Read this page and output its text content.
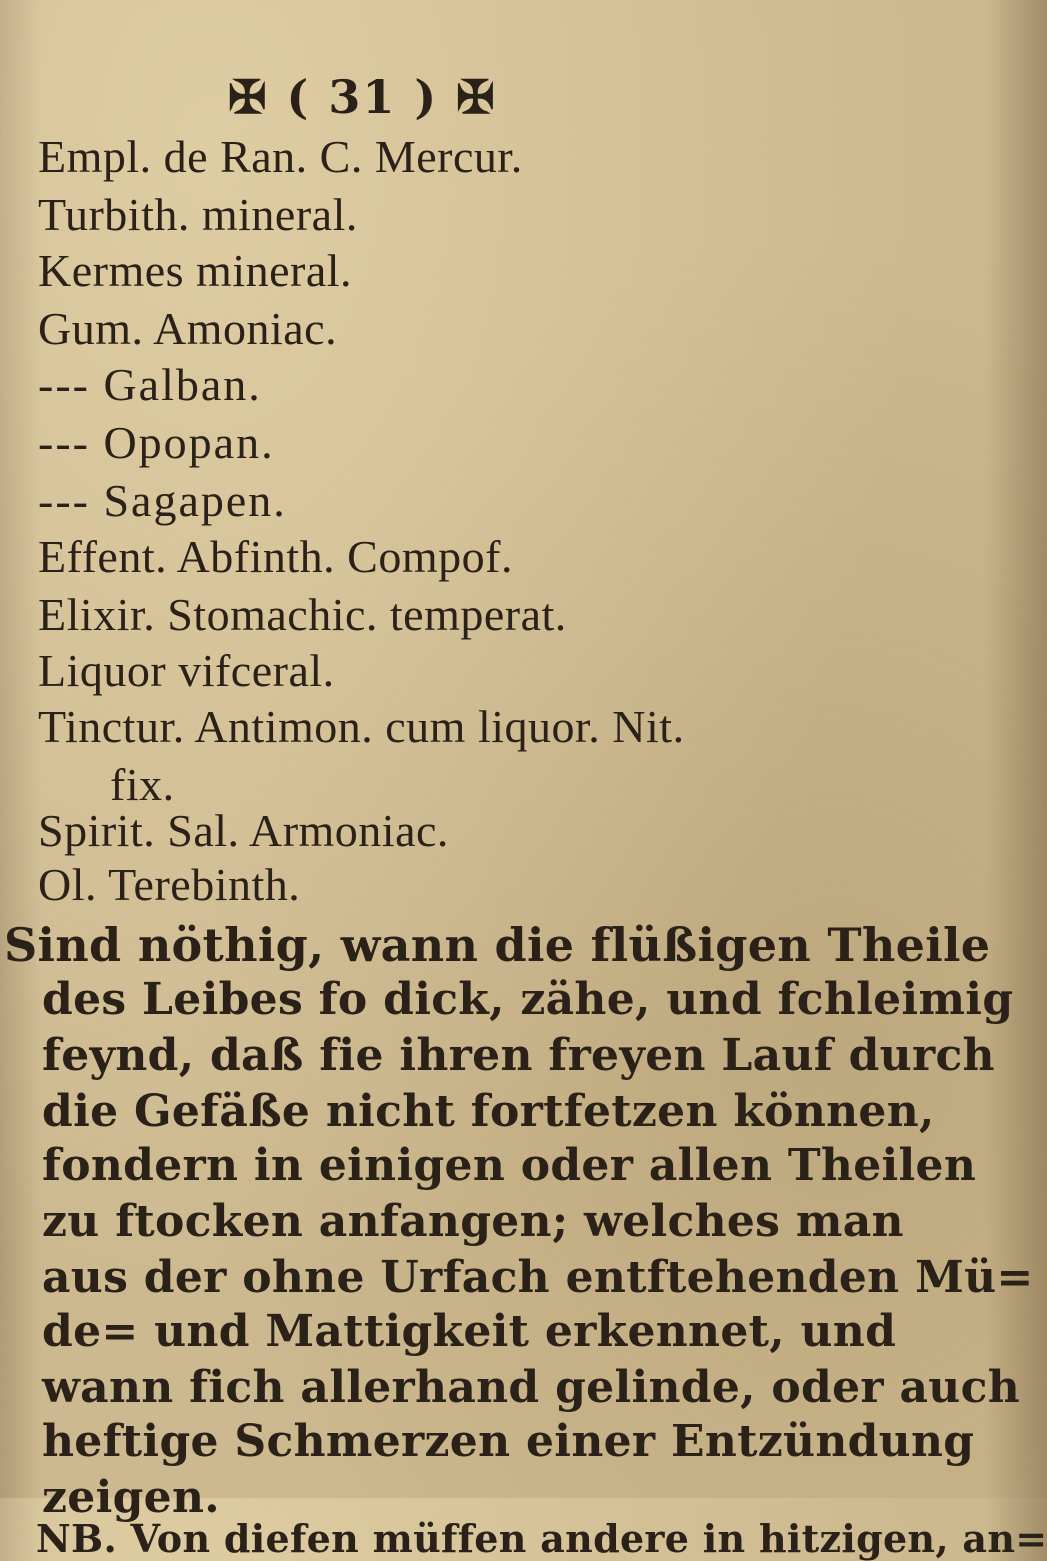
✠ ( 31 ) ✠
Empl. de Ran. C. Mercur.
Turbith. mineral.
Kermes mineral.
Gum. Amoniac.
--- Galban.
--- Opopan.
--- Sagapen.
Effent. Abfinth. Compof.
Elixir. Stomachic. temperat.
Liquor vifceral.
Tinctur. Antimon. cum liquor. Nit.
fix.
Spirit. Sal. Armoniac.
Ol. Terebinth.
Sind nöthig, wann die flüßigen Theile
des Leibes fo dick, zähe, und fchleimig
feynd, daß fie ihren freyen Lauf durch
die Gefäße nicht fortfetzen können,
fondern in einigen oder allen Theilen
zu ftocken anfangen; welches man
aus der ohne Urfach entftehenden Mü=
de= und Mattigkeit erkennet, und
wann fich allerhand gelinde, oder auch
heftige Schmerzen einer Entzündung
zeigen.
NB. Von diefen müffen andere in hitzigen, an=
